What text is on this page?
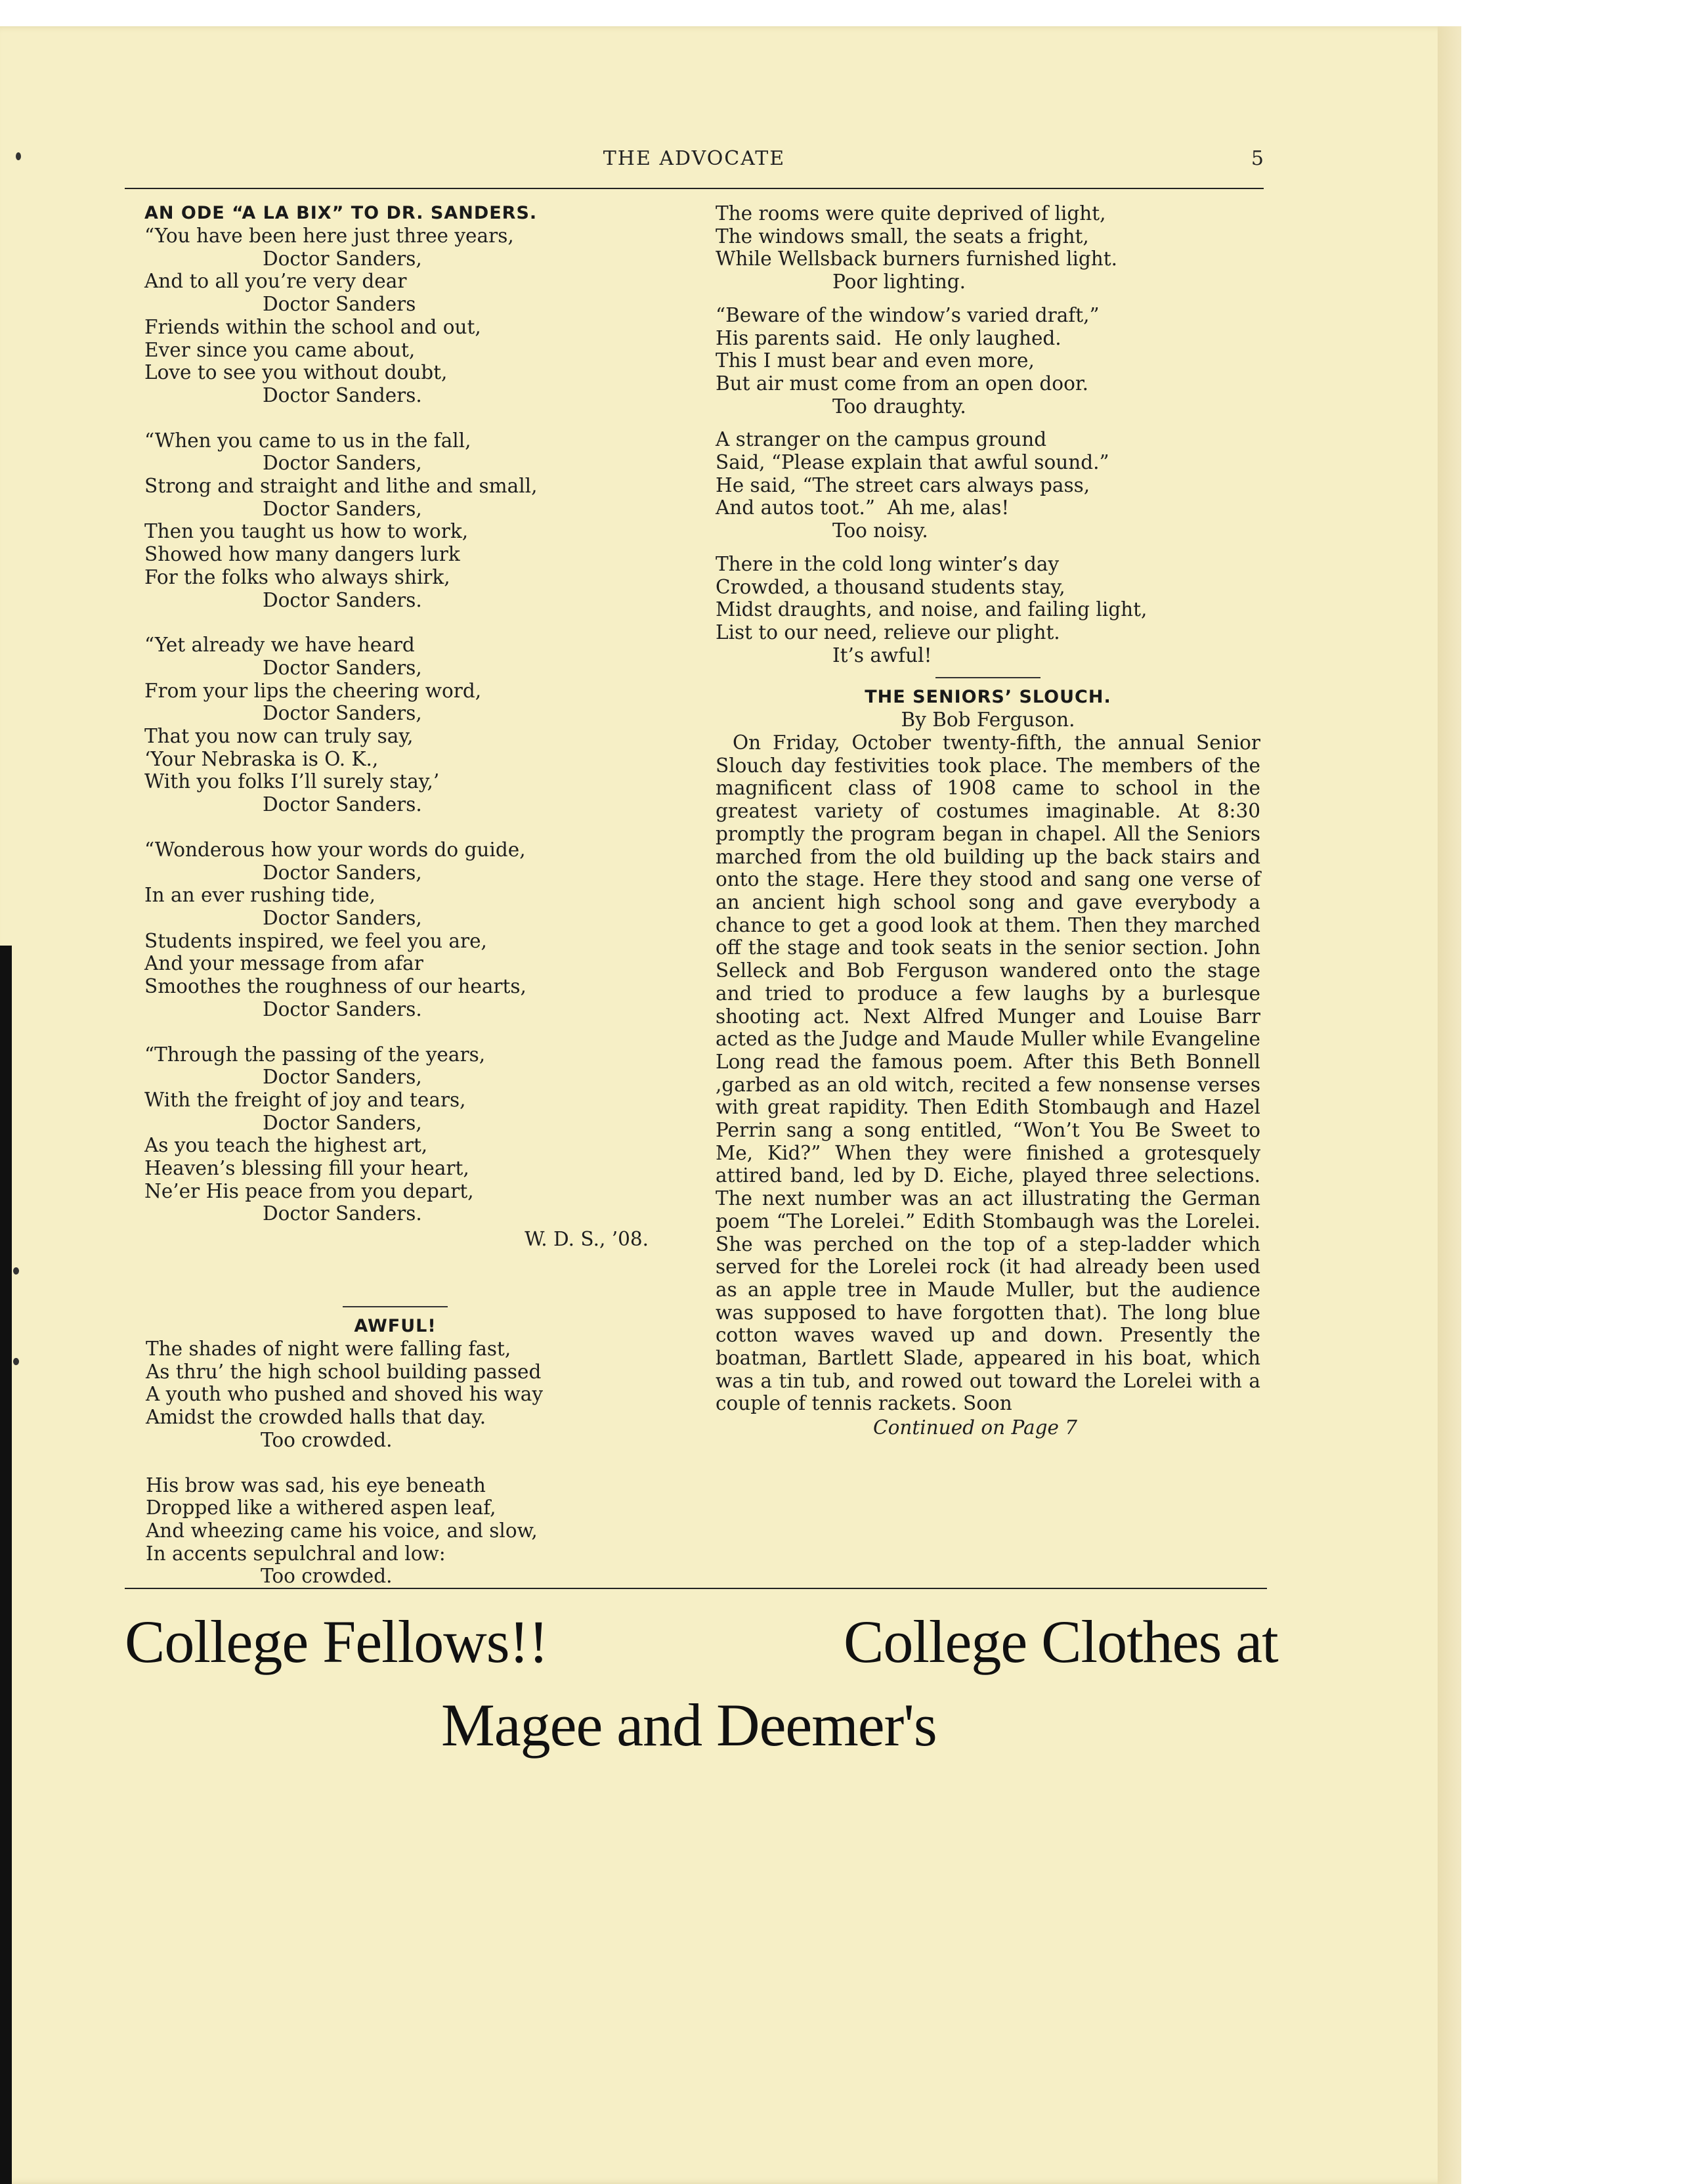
THE ADVOCATE	5
AN ODE “A LA BIX” TO DR. SANDERS.
“You have been here just three years,
Doctor Sanders,
And to all you’re very dear
Doctor Sanders
Friends within the school and out,
Ever since you came about,
Love to see you without doubt,
Doctor Sanders.
“When you came to us in the fall,
Doctor Sanders,
Strong and straight and lithe and small,
Doctor Sanders,
Then you taught us how to work,
Showed how many dangers lurk
For the folks who always shirk,
Doctor Sanders.
“Yet already we have heard
Doctor Sanders,
From your lips the cheering word,
Doctor Sanders,
That you now can truly say,
‘Your Nebraska is O. K.,
With you folks I’ll surely stay,’
Doctor Sanders.
“Wonderous how your words do guide,
Doctor Sanders,
In an ever rushing tide,
Doctor Sanders,
Students inspired, we feel you are,
And your message from afar
Smoothes the roughness of our hearts,
Doctor Sanders.
“Through the passing of the years,
Doctor Sanders,
With the freight of joy and tears,
Doctor Sanders,
As you teach the highest art,
Heaven’s blessing fill your heart,
Ne’er His peace from you depart,
Doctor Sanders.
W. D. S., ’08.
AWFUL!
The shades of night were falling fast,
As thru’ the high school building passed
A youth who pushed and shoved his way
Amidst the crowded halls that day.
Too crowded.
His brow was sad, his eye beneath
Dropped like a withered aspen leaf,
And wheezing came his voice, and slow,
In accents sepulchral and low:
Too crowded.
The rooms were quite deprived of light,
The windows small, the seats a fright,
While Wellsback burners furnished light.
Poor lighting.
“Beware of the window’s varied draft,”
His parents said.  He only laughed.
This I must bear and even more,
But air must come from an open door.
Too draughty.
A stranger on the campus ground
Said, “Please explain that awful sound.”
He said, “The street cars always pass,
And autos toot.”  Ah me, alas!
Too noisy.
There in the cold long winter’s day
Crowded, a thousand students stay,
Midst draughts, and noise, and failing light,
List to our need, relieve our plight.
It’s awful!
THE SENIORS’ SLOUCH.
By Bob Ferguson.

On Friday, October twenty-fifth, the annual Senior Slouch day festivities took place. The members of the magnificent class of 1908 came to school in the greatest variety of costumes imaginable. At 8:30 promptly the program began in chapel. All the Seniors marched from the old building up the back stairs and onto the stage. Here they stood and sang one verse of an ancient high school song and gave everybody a chance to get a good look at them. Then they marched off the stage and took seats in the senior section. John Selleck and Bob Ferguson wandered onto the stage and tried to produce a few laughs by a burlesque shooting act. Next Alfred Munger and Louise Barr acted as the Judge and Maude Muller while Evangeline Long read the famous poem. After this Beth Bonnell ,garbed as an old witch, recited a few nonsense verses with great rapidity. Then Edith Stombaugh and Hazel Perrin sang a song entitled, “Won’t You Be Sweet to Me, Kid?” When they were finished a grotesquely attired band, led by D. Eiche, played three selections. The next number was an act illustrating the German poem “The Lorelei.” Edith Stombaugh was the Lorelei. She was perched on the top of a step-ladder which served for the Lorelei rock (it had already been used as an apple tree in Maude Muller, but the audience was supposed to have forgotten that). The long blue cotton waves waved up and down. Presently the boatman, Bartlett Slade, appeared in his boat, which was a tin tub, and rowed out toward the Lorelei with a couple of tennis rackets. Soon

Continued on Page 7
College Fellows!!	College Clothes at
Magee and Deemer's
